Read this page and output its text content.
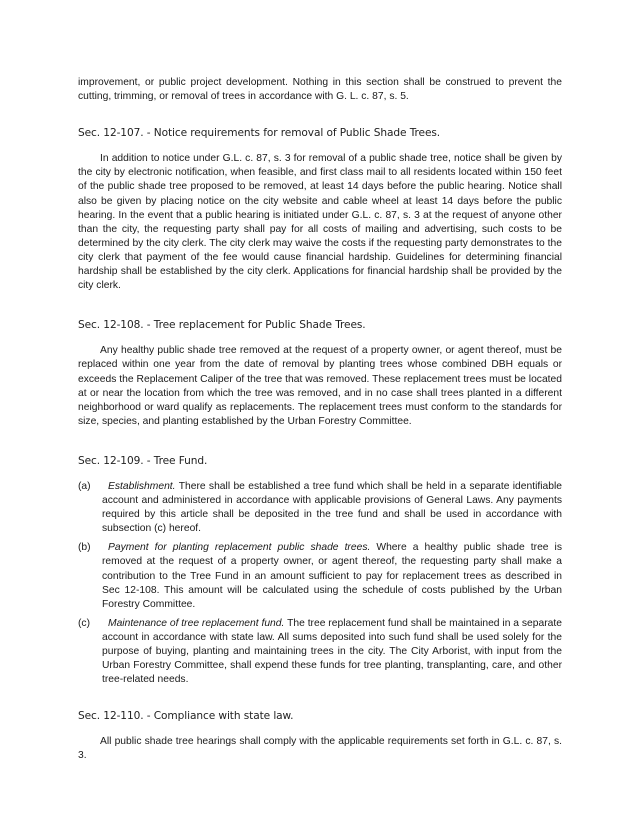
improvement, or public project development. Nothing in this section shall be construed to prevent the cutting, trimming, or removal of trees in accordance with G. L. c. 87, s. 5.

Sec. 12-107. - Notice requirements for removal of Public Shade Trees.

In addition to notice under G.L. c. 87, s. 3 for removal of a public shade tree, notice shall be given by the city by electronic notification, when feasible, and first class mail to all residents located within 150 feet of the public shade tree proposed to be removed, at least 14 days before the public hearing. Notice shall also be given by placing notice on the city website and cable wheel at least 14 days before the public hearing. In the event that a public hearing is initiated under G.L. c. 87, s. 3 at the request of anyone other than the city, the requesting party shall pay for all costs of mailing and advertising, such costs to be determined by the city clerk. The city clerk may waive the costs if the requesting party demonstrates to the city clerk that payment of the fee would cause financial hardship. Guidelines for determining financial hardship shall be established by the city clerk. Applications for financial hardship shall be provided by the city clerk.

Sec. 12-108. - Tree replacement for Public Shade Trees.

Any healthy public shade tree removed at the request of a property owner, or agent thereof, must be replaced within one year from the date of removal by planting trees whose combined DBH equals or exceeds the Replacement Caliper of the tree that was removed. These replacement trees must be located at or near the location from which the tree was removed, and in no case shall trees planted in a different neighborhood or ward qualify as replacements. The replacement trees must conform to the standards for size, species, and planting established by the Urban Forestry Committee.

Sec. 12-109. - Tree Fund.
(a)	Establishment. There shall be established a tree fund which shall be held in a separate identifiable account and administered in accordance with applicable provisions of General Laws. Any payments required by this article shall be deposited in the tree fund and shall be used in accordance with subsection (c) hereof.
(b)	Payment for planting replacement public shade trees. Where a healthy public shade tree is removed at the request of a property owner, or agent thereof, the requesting party shall make a contribution to the Tree Fund in an amount sufficient to pay for replacement trees as described in Sec 12-108. This amount will be calculated using the schedule of costs published by the Urban Forestry Committee.
(c)	Maintenance of tree replacement fund. The tree replacement fund shall be maintained in a separate account in accordance with state law. All sums deposited into such fund shall be used solely for the purpose of buying, planting and maintaining trees in the city. The City Arborist, with input from the Urban Forestry Committee, shall expend these funds for tree planting, transplanting, care, and other tree-related needs.
Sec. 12-110. - Compliance with state law.

All public shade tree hearings shall comply with the applicable requirements set forth in G.L. c. 87, s. 3.
